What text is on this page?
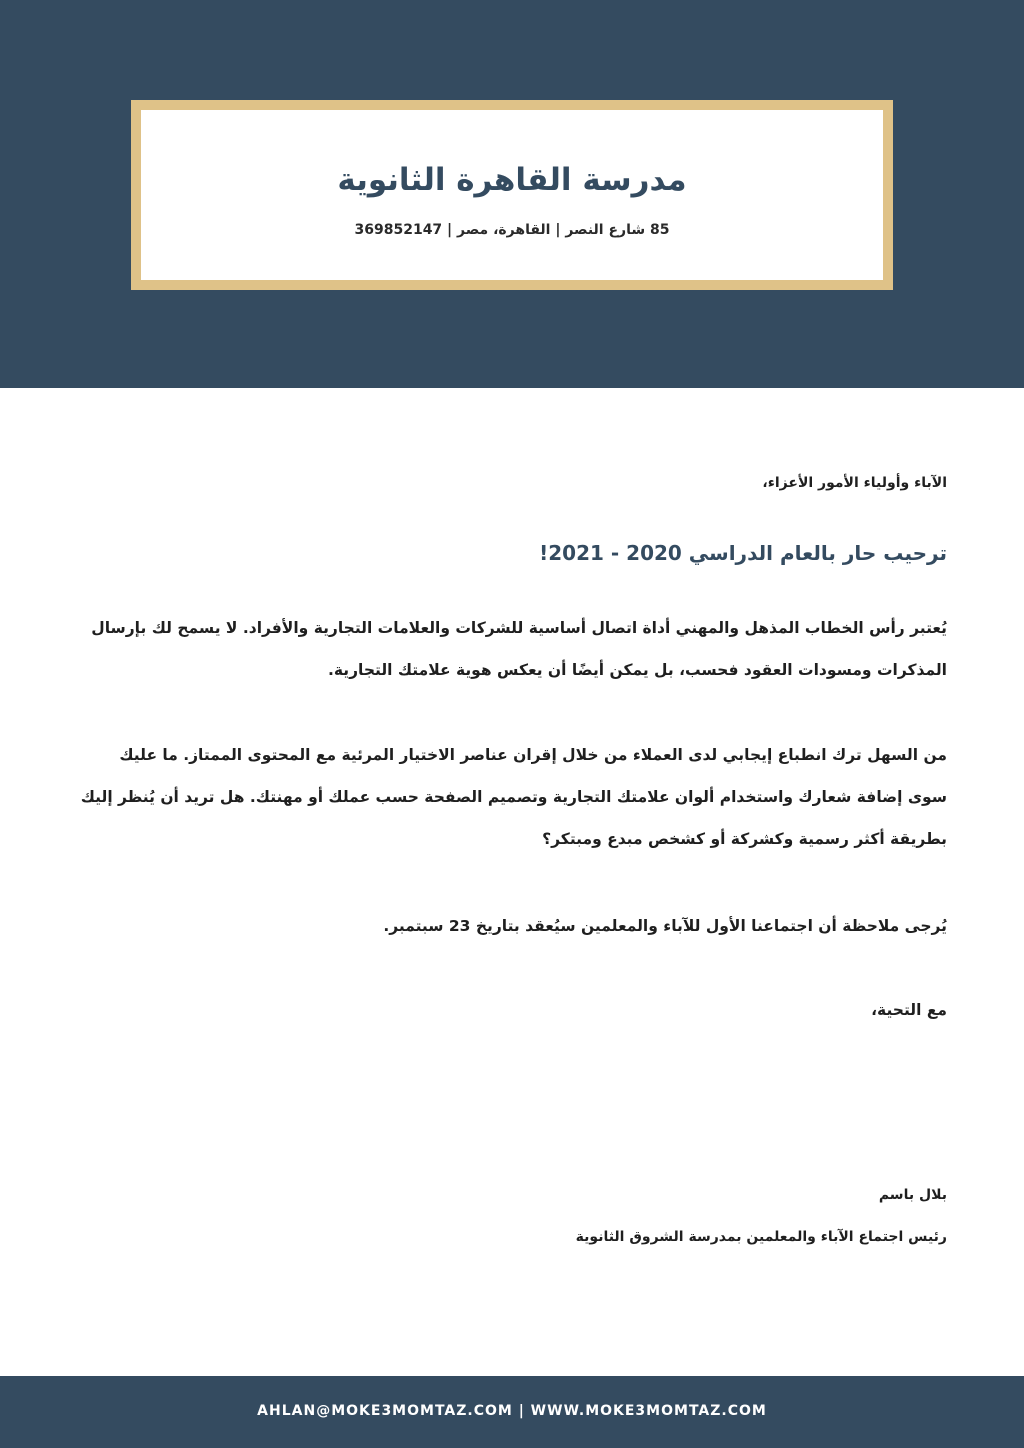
مدرسة القاهرة الثانوية
85 شارع النصر | القاهرة، مصر | 369852147
الآباء وأولياء الأمور الأعزاء،
ترحيب حار بالعام الدراسي 2020 - 2021!
يُعتبر رأس الخطاب المذهل والمهني أداة اتصال أساسية للشركات والعلامات التجارية والأفراد. لا يسمح لك بإرسال المذكرات ومسودات العقود فحسب، بل يمكن أيضًا أن يعكس هوية علامتك التجارية.
من السهل ترك انطباع إيجابي لدى العملاء من خلال إقران عناصر الاختيار المرئية مع المحتوى الممتاز. ما عليك سوى إضافة شعارك واستخدام ألوان علامتك التجارية وتصميم الصفحة حسب عملك أو مهنتك. هل تريد أن يُنظر إليك بطريقة أكثر رسمية وكشركة أو كشخص مبدع ومبتكر؟
يُرجى ملاحظة أن اجتماعنا الأول للآباء والمعلمين سيُعقد بتاريخ 23 سبتمبر.
مع التحية،
بلال باسم
رئيس اجتماع الآباء والمعلمين بمدرسة الشروق الثانوية
AHLAN@MOKE3MOMTAZ.COM | WWW.MOKE3MOMTAZ.COM
